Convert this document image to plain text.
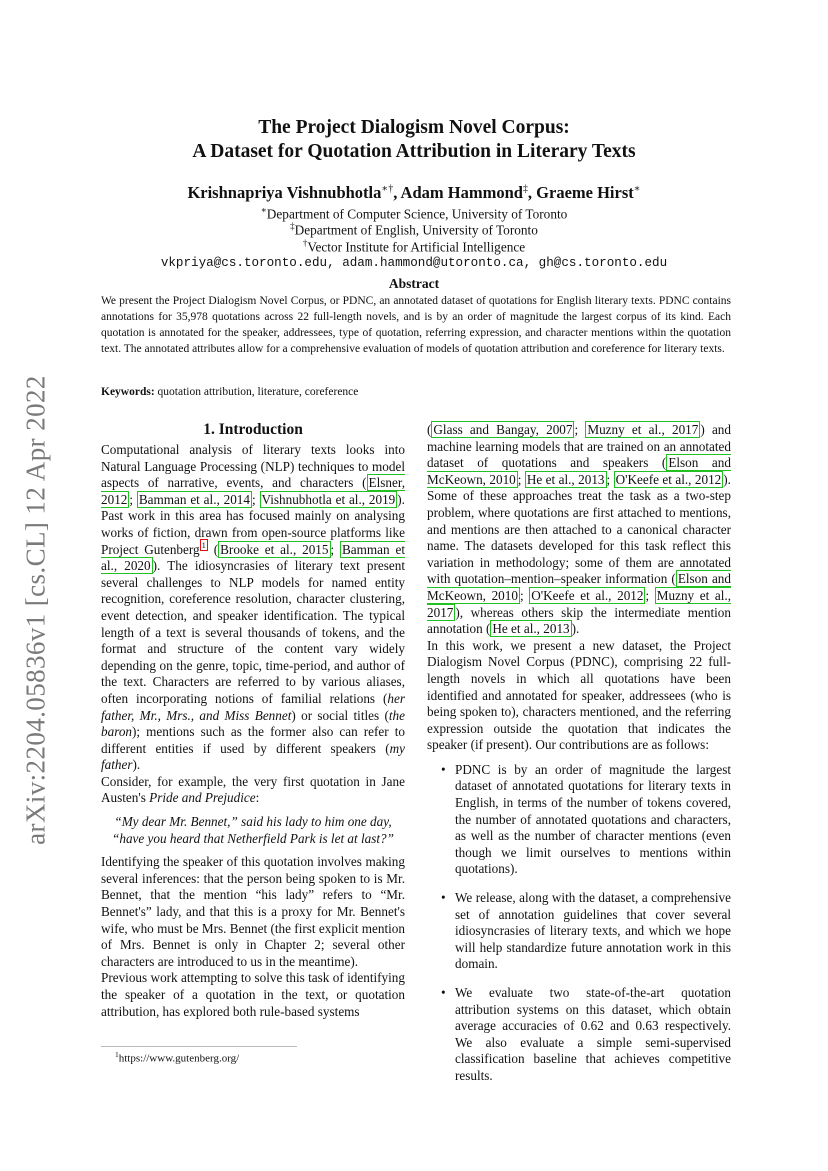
arXiv:2204.05836v1 [cs.CL] 12 Apr 2022
The Project Dialogism Novel Corpus:
A Dataset for Quotation Attribution in Literary Texts
Krishnapriya Vishnubhotla∗†, Adam Hammond‡, Graeme Hirst∗
∗Department of Computer Science, University of Toronto
‡Department of English, University of Toronto
†Vector Institute for Artificial Intelligence
vkpriya@cs.toronto.edu, adam.hammond@utoronto.ca, gh@cs.toronto.edu
Abstract
We present the Project Dialogism Novel Corpus, or PDNC, an annotated dataset of quotations for English literary texts. PDNC contains annotations for 35,978 quotations across 22 full-length novels, and is by an order of magnitude the largest corpus of its kind. Each quotation is annotated for the speaker, addressees, type of quotation, referring expression, and character mentions within the quotation text. The annotated attributes allow for a comprehensive evaluation of models of quotation attribution and coreference for literary texts.
Keywords: quotation attribution, literature, coreference
1. Introduction

Computational analysis of literary texts looks into Natural Language Processing (NLP) techniques to model aspects of narrative, events, and characters ( Elsner, 2012 ; Bamman et al., 2014 ; Vishnubhotla et al., 2019 ). Past work in this area has focused mainly on analysing works of fiction, drawn from open-source platforms like Project Gutenberg $^1$ ( Brooke et al., 2015 ; Bamman et al., 2020 ). The idiosyncrasies of literary text present several challenges to NLP models for named entity recognition, coreference resolution, character clustering, event detection, and speaker identification. The typical length of a text is several thousands of tokens, and the format and structure of the content vary widely depending on the genre, topic, time-period, and author of the text. Characters are referred to by various aliases, often incorporating notions of familial relations (her father, Mr., Mrs., and Miss Bennet) or social titles (the baron); mentions such as the former also can refer to different entities if used by different speakers (my father).

Consider, for example, the very first quotation in Jane Austen's Pride and Prejudice:

“My dear Mr. Bennet,” said his lady to him one day,
“have you heard that Netherfield Park is let at last?”

Identifying the speaker of this quotation involves making several inferences: that the person being spoken to is Mr. Bennet, that the mention “his lady” refers to “Mr. Bennet's” lady, and that this is a proxy for Mr. Bennet's wife, who must be Mrs. Bennet (the first explicit mention of Mrs. Bennet is only in Chapter 2; several other characters are introduced to us in the meantime).

Previous work attempting to solve this task of identifying the speaker of a quotation in the text, or quotation attribution, has explored both rule-based systems

( Glass and Bangay, 2007 ; Muzny et al., 2017 ) and machine learning models that are trained on an annotated dataset of quotations and speakers ( Elson and McKeown, 2010 ; He et al., 2013 ; O'Keefe et al., 2012 ). Some of these approaches treat the task as a two-step problem, where quotations are first attached to mentions, and mentions are then attached to a canonical character name. The datasets developed for this task reflect this variation in methodology; some of them are annotated with quotation–mention–speaker information ( Elson and McKeown, 2010 ; O'Keefe et al., 2012 ; Muzny et al., 2017 ), whereas others skip the intermediate mention annotation ( He et al., 2013 ).

In this work, we present a new dataset, the Project Dialogism Novel Corpus (PDNC), comprising 22 full-length novels in which all quotations have been identified and annotated for speaker, addressees (who is being spoken to), characters mentioned, and the referring expression outside the quotation that indicates the speaker (if present). Our contributions are as follows:

• PDNC is by an order of magnitude the largest dataset of annotated quotations for literary texts in English, in terms of the number of tokens covered, the number of annotated quotations and characters, as well as the number of character mentions (even though we limit ourselves to mentions within quotations).
• We release, along with the dataset, a comprehensive set of annotation guidelines that cover several idiosyncrasies of literary texts, and which we hope will help standardize future annotation work in this domain.
• We evaluate two state-of-the-art quotation attribution systems on this dataset, which obtain average accuracies of 0.62 and 0.63 respectively. We also evaluate a simple semi-supervised classification baseline that achieves competitive results.
$^1$https://www.gutenberg.org/
